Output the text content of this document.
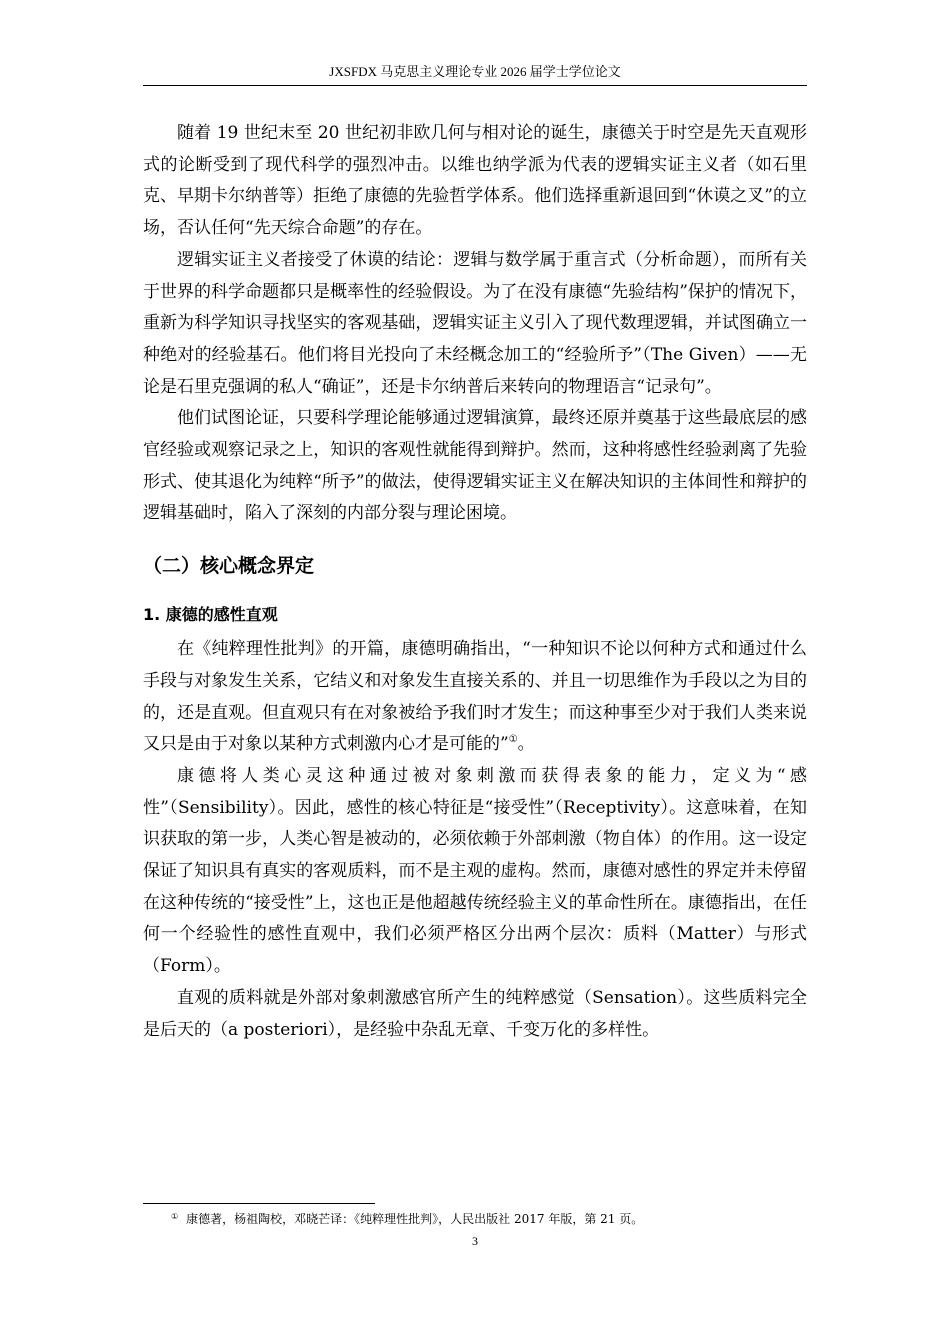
JXSFDX 马克思主义理论专业 2026 届学士学位论文

随着 19 世纪末至 20 世纪初非欧几何与相对论的诞生，康德关于时空是先天直观形式的论断受到了现代科学的强烈冲击。以维也纳学派为代表的逻辑实证主义者（如石里克、早期卡尔纳普等）拒绝了康德的先验哲学体系。他们选择重新退回到“休谟之叉”的立场，否认任何“先天综合命题”的存在。

逻辑实证主义者接受了休谟的结论：逻辑与数学属于重言式（分析命题），而所有关于世界的科学命题都只是概率性的经验假设。为了在没有康德“先验结构”保护的情况下，重新为科学知识寻找坚实的客观基础，逻辑实证主义引入了现代数理逻辑，并试图确立一种绝对的经验基石。他们将目光投向了未经概念加工的“经验所予”（The Given）——无论是石里克强调的私人“确证”，还是卡尔纳普后来转向的物理语言“记录句”。

他们试图论证，只要科学理论能够通过逻辑演算，最终还原并奠基于这些最底层的感官经验或观察记录之上，知识的客观性就能得到辩护。然而，这种将感性经验剥离了先验形式、使其退化为纯粹“所予”的做法，使得逻辑实证主义在解决知识的主体间性和辩护的逻辑基础时，陷入了深刻的内部分裂与理论困境。

（二）核心概念界定
1. 康德的感性直观

在《纯粹理性批判》的开篇，康德明确指出，“一种知识不论以何种方式和通过什么手段与对象发生关系，它结义和对象发生直接关系的、并且一切思维作为手段以之为目的的，还是直观。但直观只有在对象被给予我们时才发生；而这种事至少对于我们人类来说又只是由于对象以某种方式刺激内心才是可能的”①。

康德将人类心灵这种通过被对象刺激而获得表象的能力，定义为“感性”（Sensibility）。因此，感性的核心特征是“接受性”（Receptivity）。这意味着，在知识获取的第一步，人类心智是被动的，必须依赖于外部刺激（物自体）的作用。这一设定保证了知识具有真实的客观质料，而不是主观的虚构。然而，康德对感性的界定并未停留在这种传统的“接受性”上，这也正是他超越传统经验主义的革命性所在。康德指出，在任何一个经验性的感性直观中，我们必须严格区分出两个层次：质料（Matter）与形式（Form）。

直观的质料就是外部对象刺激感官所产生的纯粹感觉（Sensation）。这些质料完全是后天的（a posteriori），是经验中杂乱无章、千变万化的多样性。

① 康德著，杨祖陶校，邓晓芒译：《纯粹理性批判》，人民出版社 2017 年版，第 21 页。
3
